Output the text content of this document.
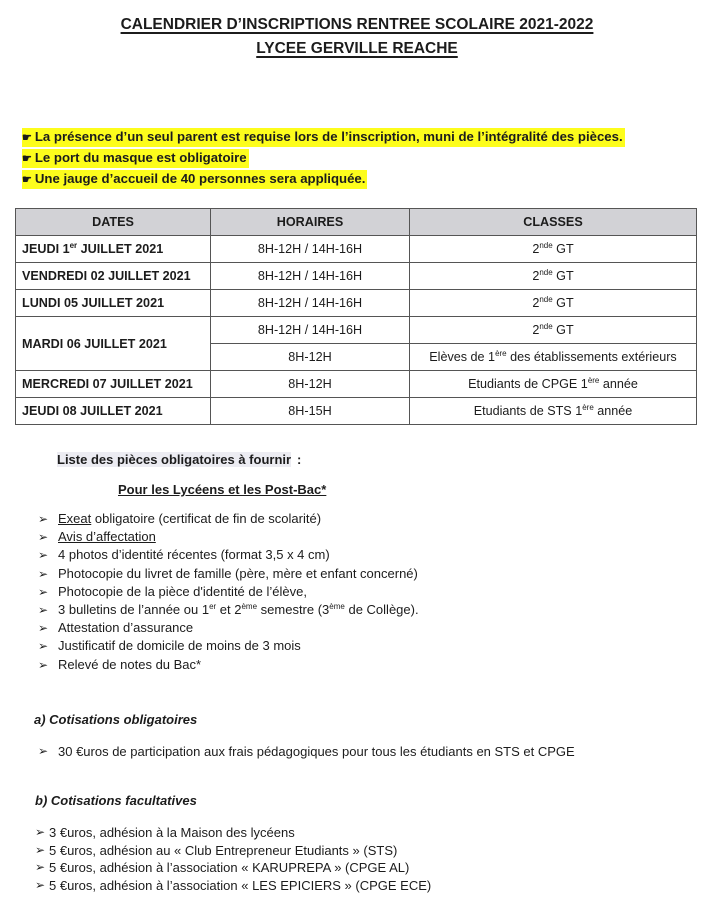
CALENDRIER D’INSCRIPTIONS RENTREE SCOLAIRE 2021-2022
LYCEE GERVILLE REACHE
☛ La présence d’un seul parent est requise lors de l’inscription, muni de l’intégralité des pièces.
☛ Le port du masque est obligatoire
☛ Une jauge d’accueil de 40 personnes sera appliquée.
DATES	HORAIRES	CLASSES
JEUDI 1er JUILLET 2021	8H-12H / 14H-16H	2nde GT
VENDREDI 02 JUILLET 2021	8H-12H / 14H-16H	2nde GT
LUNDI 05 JUILLET 2021	8H-12H / 14H-16H	2nde GT
MARDI 06 JUILLET 2021	8H-12H / 14H-16H	2nde GT
	8H-12H	Elèves de 1ère des établissements extérieurs
MERCREDI 07 JUILLET 2021	8H-12H	Etudiants de CPGE 1ère année
JEUDI 08 JUILLET 2021	8H-15H	Etudiants de STS 1ère année
Liste des pièces obligatoires à fournir :
Pour les Lycéens et les Post-Bac*
➢ Exeat obligatoire (certificat de fin de scolarité)
➢ Avis d’affectation
➢ 4 photos d’identité récentes (format 3,5 x 4 cm)
➢ Photocopie du livret de famille (père, mère et enfant concerné)
➢ Photocopie de la pièce d'identité de l’élève,
➢ 3 bulletins de l’année ou 1er et 2ème semestre (3ème de Collège).
➢ Attestation d’assurance
➢ Justificatif de domicile de moins de 3 mois
➢ Relevé de notes du Bac*
a) Cotisations obligatoires
➢ 30 €uros de participation aux frais pédagogiques pour tous les étudiants en STS et CPGE
b) Cotisations facultatives
➢ 3 €uros, adhésion à la Maison des lycéens
➢ 5 €uros, adhésion au « Club Entrepreneur Etudiants » (STS)
➢ 5 €uros, adhésion à l’association « KARUPREPA » (CPGE AL)
➢ 5 €uros, adhésion à l’association « LES EPICIERS » (CPGE ECE)
